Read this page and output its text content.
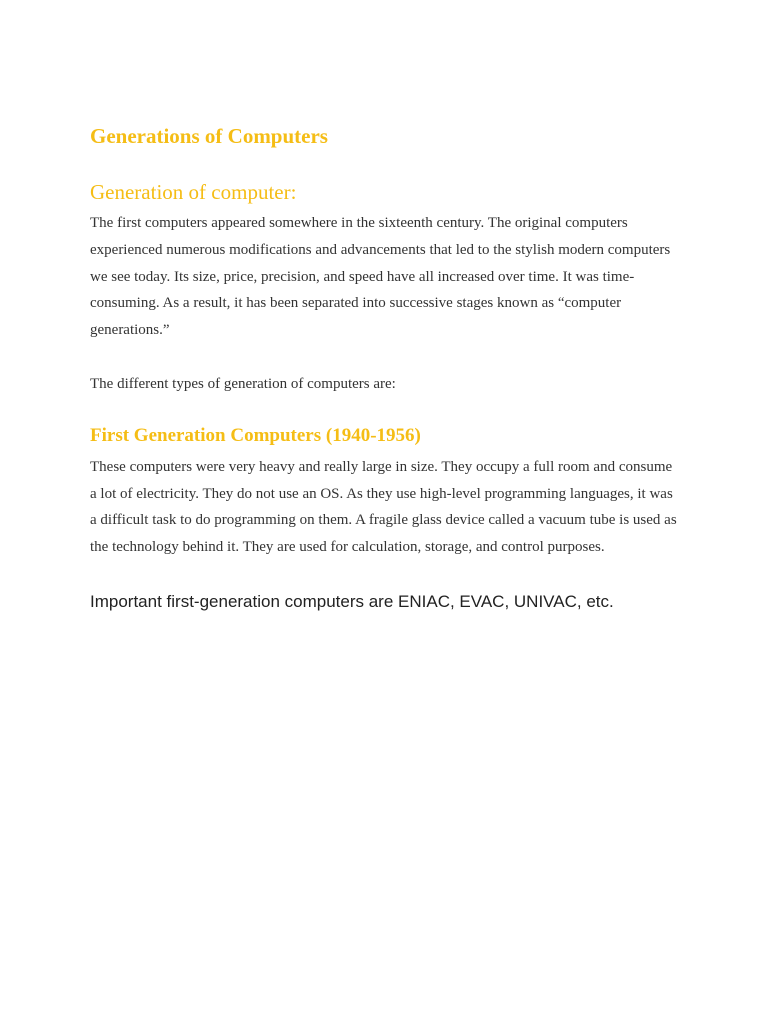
Generations of Computers
Generation of computer:

The first computers appeared somewhere in the sixteenth century. The original computers experienced numerous modifications and advancements that led to the stylish modern computers we see today. Its size, price, precision, and speed have all increased over time. It was time-consuming. As a result, it has been separated into successive stages known as “computer generations.”

The different types of generation of computers are:

First Generation Computers (1940-1956)

These computers were very heavy and really large in size. They occupy a full room and consume a lot of electricity. They do not use an OS. As they use high-level programming languages, it was a difficult task to do programming on them. A fragile glass device called a vacuum tube is used as the technology behind it. They are used for calculation, storage, and control purposes.

Important first-generation computers are ENIAC, EVAC, UNIVAC, etc.
